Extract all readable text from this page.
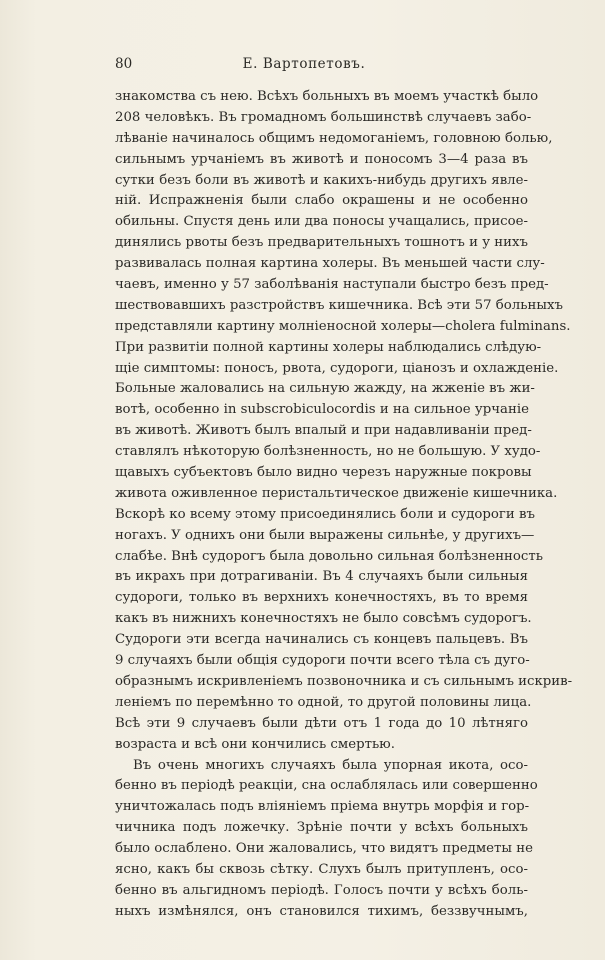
80	Е. Вартопетовъ.
знакомства съ нею. Всѣхъ больныхъ въ моемъ участкѣ было
208 человѣкъ. Въ громадномъ большинствѣ случаевъ забо-
лѣваніе начиналось общимъ недомоганіемъ, головною болью,
сильнымъ урчаніемъ въ животѣ и поносомъ 3—4 раза въ
сутки безъ боли въ животѣ и какихъ-нибудь другихъ явле-
ній. Испражненія были слабо окрашены и не особенно
обильны. Спустя день или два поносы учащались, присое-
динялись рвоты безъ предварительныхъ тошнотъ и у нихъ
развивалась полная картина холеры. Въ меньшей части слу-
чаевъ, именно у 57 заболѣванія наступали быстро безъ пред-
шествовавшихъ разстройствъ кишечника. Всѣ эти 57 больныхъ
представляли картину молніеносной холеры—cholera fulminans.
При развитіи полной картины холеры наблюдались слѣдую-
щіе симптомы: поносъ, рвота, судороги, ціанозъ и охлажденіе.
Больные жаловались на сильную жажду, на жженіе въ жи-
вотѣ, особенно in subscrobiculocordis и на сильное урчаніе
въ животѣ. Животъ былъ впалый и при надавливаніи пред-
ставлялъ нѣкоторую болѣзненность, но не большую. У худо-
щавыхъ субъектовъ было видно черезъ наружные покровы
живота оживленное перистальтическое движеніе кишечника.
Вскорѣ ко всему этому присоединялись боли и судороги въ
ногахъ. У однихъ они были выражены сильнѣе, у другихъ—
слабѣе. Внѣ судорогъ была довольно сильная болѣзненность
въ икрахъ при дотрагиваніи. Въ 4 случаяхъ были сильныя
судороги, только въ верхнихъ конечностяхъ, въ то время
какъ въ нижнихъ конечностяхъ не было совсѣмъ судорогъ.
Судороги эти всегда начинались съ концевъ пальцевъ. Въ
9 случаяхъ были общія судороги почти всего тѣла съ дуго-
образнымъ искривленіемъ позвоночника и съ сильнымъ искрив-
леніемъ по перемѣнно то одной, то другой половины лица.
Всѣ эти 9 случаевъ были дѣти отъ 1 года до 10 лѣтняго
возраста и всѣ они кончились смертью.
Въ очень многихъ случаяхъ была упорная икота, осо-
бенно въ періодѣ реакціи, сна ослаблялась или совершенно
уничтожалась подъ вліяніемъ пріема внутрь морфія и гор-
чичника подъ ложечку. Зрѣніе почти у всѣхъ больныхъ
было ослаблено. Они жаловались, что видятъ предметы не
ясно, какъ бы сквозь сѣтку. Слухъ былъ притупленъ, осо-
бенно въ альгидномъ періодѣ. Голосъ почти у всѣхъ боль-
ныхъ измѣнялся, онъ становился тихимъ, беззвучнымъ,
